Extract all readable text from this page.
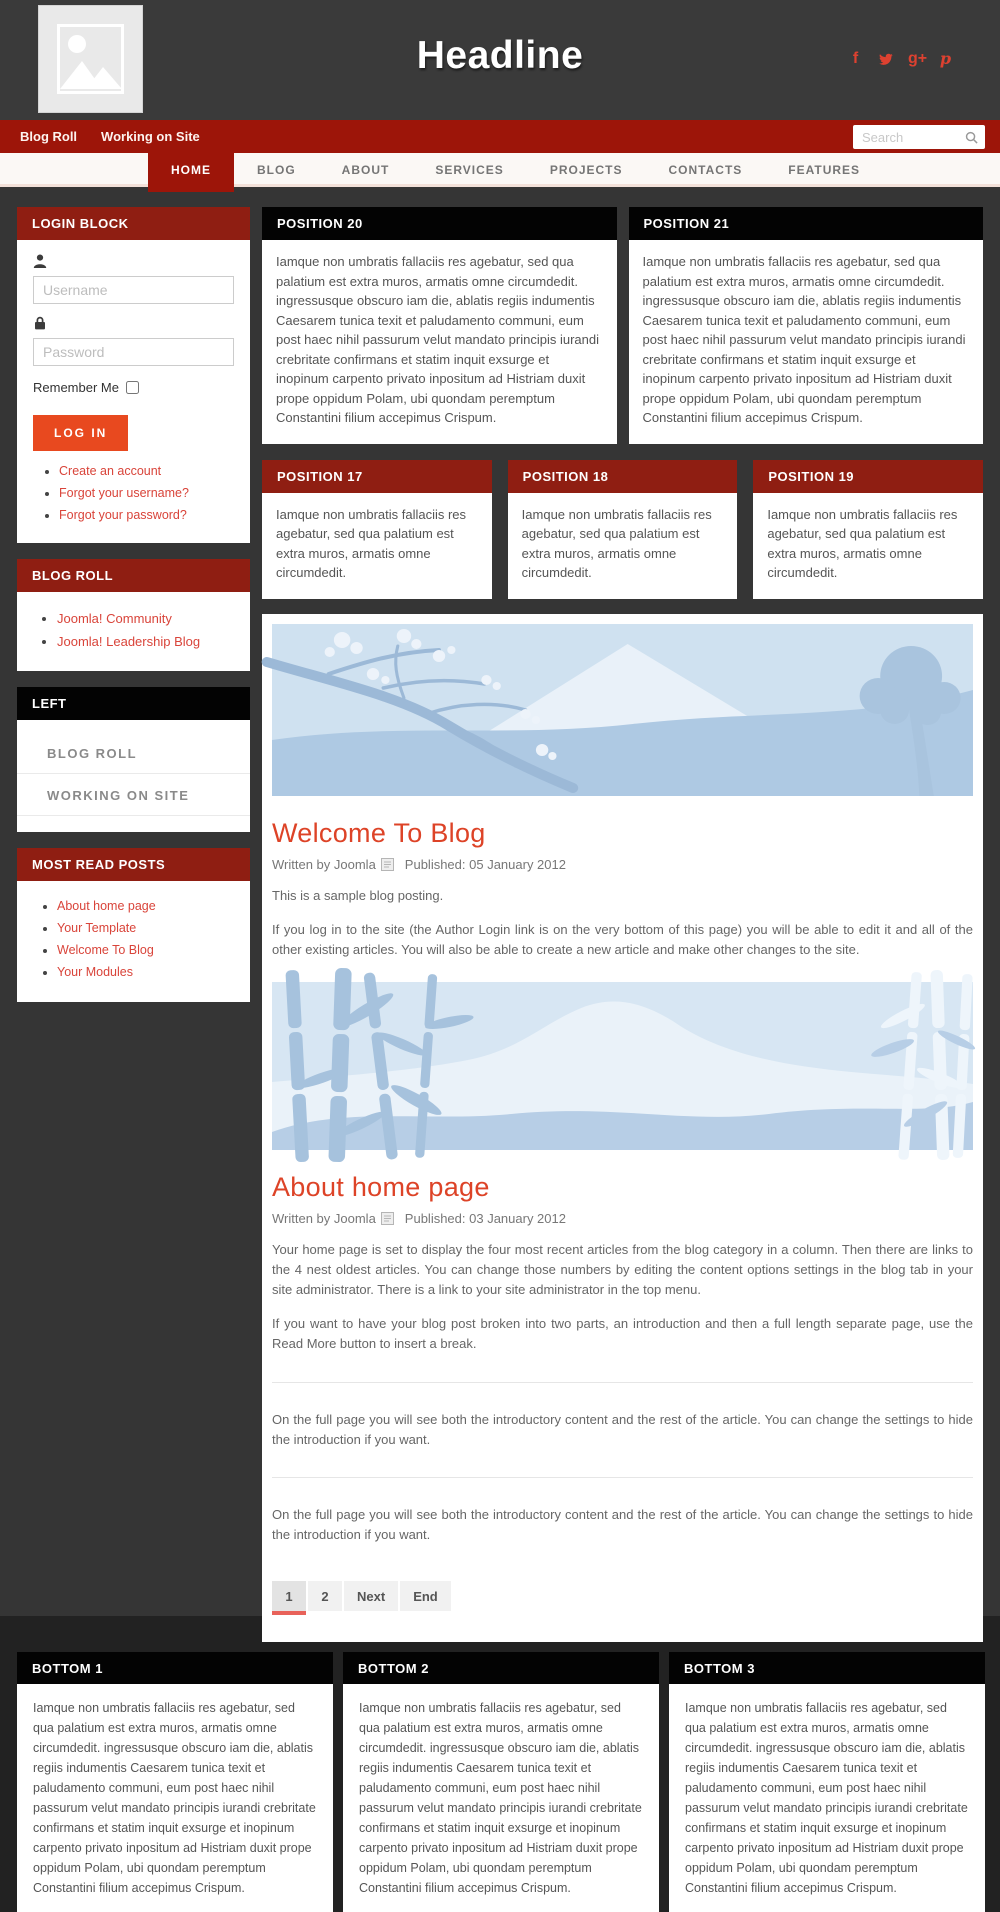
Headline	f	g+ p
Blog Roll Working on Site
Search
HOME	BLOG	ABOUT	SERVICES	PROJECTS	CONTACTS	FEATURES
LOGIN BLOCK
Username
Remember Me
LOG IN
• Create an account
• Forgot your username?
• Forgot your password?
BLOG ROLL
• Joomla! Community
• Joomla! Leadership Blog
LEFT
BLOG ROLL
WORKING ON SITE
MOST READ POSTS
• About home page
• Your Template
• Welcome To Blog
• Your Modules
POSITION 20
Iamque non umbratis fallaciis res agebatur, sed qua palatium est extra muros, armatis omne circumdedit. ingressusque obscuro iam die, ablatis regiis indumentis Caesarem tunica texit et paludamento communi, eum post haec nihil passurum velut mandato principis iurandi crebritate confirmans et statim inquit exsurge et inopinum carpento privato inpositum ad Histriam duxit prope oppidum Polam, ubi quondam peremptum Constantini filium accepimus Crispum.
POSITION 21
Iamque non umbratis fallaciis res agebatur, sed qua palatium est extra muros, armatis omne circumdedit. ingressusque obscuro iam die, ablatis regiis indumentis Caesarem tunica texit et paludamento communi, eum post haec nihil passurum velut mandato principis iurandi crebritate confirmans et statim inquit exsurge et inopinum carpento privato inpositum ad Histriam duxit prope oppidum Polam, ubi quondam peremptum Constantini filium accepimus Crispum.
POSITION 17
Iamque non umbratis fallaciis res agebatur, sed qua palatium est extra muros, armatis omne circumdedit.
POSITION 18
Iamque non umbratis fallaciis res agebatur, sed qua palatium est extra muros, armatis omne circumdedit.
POSITION 19
Iamque non umbratis fallaciis res agebatur, sed qua palatium est extra muros, armatis omne circumdedit.
Welcome To Blog
Written by Joomla Published: 05 January 2012

This is a sample blog posting.

If you log in to the site (the Author Login link is on the very bottom of this page) you will be able to edit it and all of the other existing articles. You will also be able to create a new article and make other changes to the site.

About home page
Written by Joomla Published: 03 January 2012

Your home page is set to display the four most recent articles from the blog category in a column. Then there are links to the 4 nest oldest articles. You can change those numbers by editing the content options settings in the blog tab in your site administrator. There is a link to your site administrator in the top menu.

If you want to have your blog post broken into two parts, an introduction and then a full length separate page, use the Read More button to insert a break.

On the full page you will see both the introductory content and the rest of the article. You can change the settings to hide the introduction if you want.

On the full page you will see both the introductory content and the rest of the article. You can change the settings to hide the introduction if you want.

1	2	Next	End
BOTTOM 1
Iamque non umbratis fallaciis res agebatur, sed qua palatium est extra muros, armatis omne circumdedit. ingressusque obscuro iam die, ablatis regiis indumentis Caesarem tunica texit et paludamento communi, eum post haec nihil passurum velut mandato principis iurandi crebritate confirmans et statim inquit exsurge et inopinum carpento privato inpositum ad Histriam duxit prope oppidum Polam, ubi quondam peremptum Constantini filium accepimus Crispum.
BOTTOM 2
Iamque non umbratis fallaciis res agebatur, sed qua palatium est extra muros, armatis omne circumdedit. ingressusque obscuro iam die, ablatis regiis indumentis Caesarem tunica texit et paludamento communi, eum post haec nihil passurum velut mandato principis iurandi crebritate confirmans et statim inquit exsurge et inopinum carpento privato inpositum ad Histriam duxit prope oppidum Polam, ubi quondam peremptum Constantini filium accepimus Crispum.
BOTTOM 3
Iamque non umbratis fallaciis res agebatur, sed qua palatium est extra muros, armatis omne circumdedit. ingressusque obscuro iam die, ablatis regiis indumentis Caesarem tunica texit et paludamento communi, eum post haec nihil passurum velut mandato principis iurandi crebritate confirmans et statim inquit exsurge et inopinum carpento privato inpositum ad Histriam duxit prope oppidum Polam, ubi quondam peremptum Constantini filium accepimus Crispum.
